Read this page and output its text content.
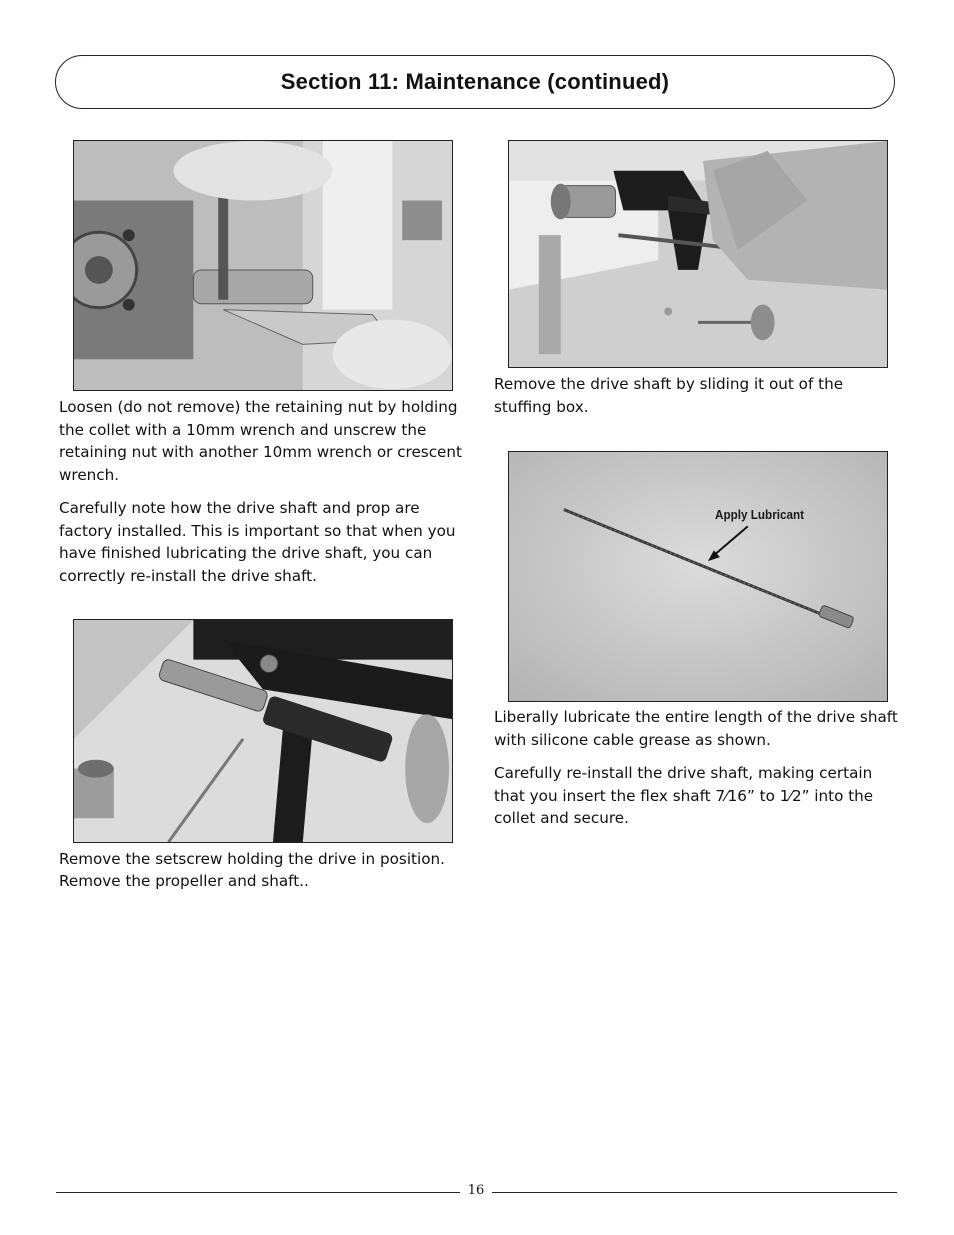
Section 11: Maintenance (continued)

Loosen (do not remove) the retaining nut by holding the collet with a 10mm wrench and unscrew the retaining nut with another 10mm wrench or crescent wrench.

Carefully note how the drive shaft and prop are factory installed. This is important so that when you have finished lubricating the drive shaft, you can correctly re-install the drive shaft.

Remove the setscrew holding the drive in position.

Remove the propeller and shaft..

Remove the drive shaft by sliding it out of the stuffing box.

Apply Lubricant

Liberally lubricate the entire length of the drive shaft with silicone cable grease as shown.

Carefully re-install the drive shaft, making certain that you insert the flex shaft 7⁄16” to 1⁄2” into the collet and secure.

16
